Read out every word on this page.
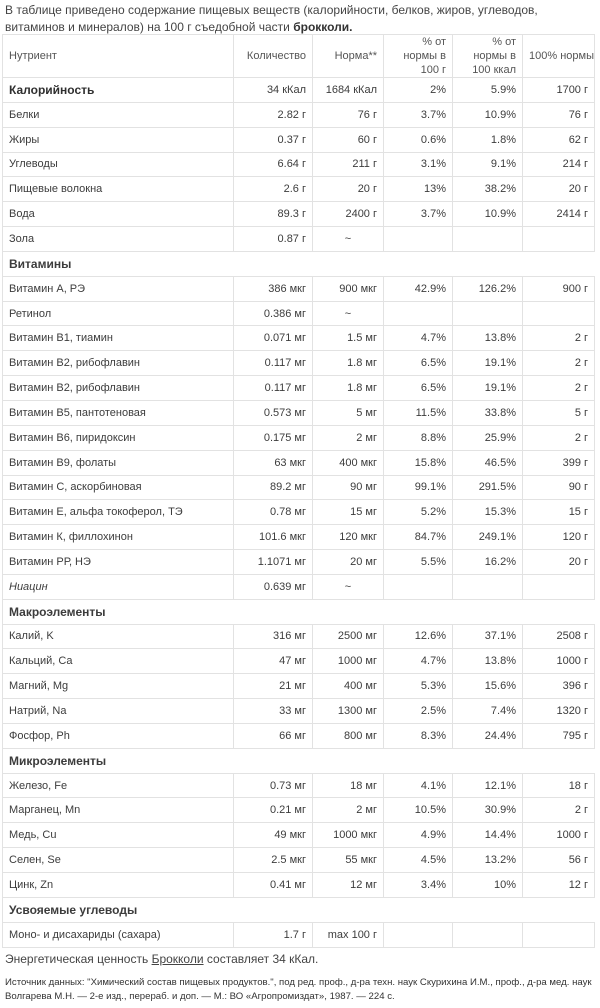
В таблице приведено содержание пищевых веществ (калорийности, белков, жиров, углеводов, витаминов и минералов) на 100 г съедобной части брокколи.
Нутриент	Количество	Норма**	% от нормы в 100 г	% от нормы в 100 ккал	100% нормы
Калорийность	34 кКал	1684 кКал	2%	5.9%	1700 г
Белки	2.82 г	76 г	3.7%	10.9%	76 г
Жиры	0.37 г	60 г	0.6%	1.8%	62 г
Углеводы	6.64 г	211 г	3.1%	9.1%	214 г
Пищевые волокна	2.6 г	20 г	13%	38.2%	20 г
Вода	89.3 г	2400 г	3.7%	10.9%	2414 г
Зола	0.87 г	~			
Витамины					
Витамин А, РЭ	386 мкг	900 мкг	42.9%	126.2%	900 г
Ретинол	0.386 мг	~			
Витамин В1, тиамин	0.071 мг	1.5 мг	4.7%	13.8%	2 г
Витамин В2, рибофлавин	0.117 мг	1.8 мг	6.5%	19.1%	2 г
Витамин В2, рибофлавин	0.117 мг	1.8 мг	6.5%	19.1%	2 г
Витамин В5, пантотеновая	0.573 мг	5 мг	11.5%	33.8%	5 г
Витамин В6, пиридоксин	0.175 мг	2 мг	8.8%	25.9%	2 г
Витамин В9, фолаты	63 мкг	400 мкг	15.8%	46.5%	399 г
Витамин C, аскорбиновая	89.2 мг	90 мг	99.1%	291.5%	90 г
Витамин Е, альфа токоферол, ТЭ	0.78 мг	15 мг	5.2%	15.3%	15 г
Витамин К, филлохинон	101.6 мкг	120 мкг	84.7%	249.1%	120 г
Витамин РР, НЭ	1.1071 мг	20 мг	5.5%	16.2%	20 г
Ниацин	0.639 мг	~			
Макроэлементы					
Калий, K	316 мг	2500 мг	12.6%	37.1%	2508 г
Кальций, Ca	47 мг	1000 мг	4.7%	13.8%	1000 г
Магний, Mg	21 мг	400 мг	5.3%	15.6%	396 г
Натрий, Na	33 мг	1300 мг	2.5%	7.4%	1320 г
Фосфор, Ph	66 мг	800 мг	8.3%	24.4%	795 г
Микроэлементы					
Железо, Fe	0.73 мг	18 мг	4.1%	12.1%	18 г
Марганец, Mn	0.21 мг	2 мг	10.5%	30.9%	2 г
Медь, Cu	49 мкг	1000 мкг	4.9%	14.4%	1000 г
Селен, Se	2.5 мкг	55 мкг	4.5%	13.2%	56 г
Цинк, Zn	0.41 мг	12 мг	3.4%	10%	12 г
Усвояемые углеводы					
Моно- и дисахариды (сахара)	1.7 г	max 100 г			
Энергетическая ценность Брокколи составляет 34 кКал.
Источник данных: "Химический состав пищевых продуктов.", под ред. проф., д-ра техн. наук Скурихина И.М., проф., д-ра мед. наук Волгарева М.Н. — 2-е изд., перераб. и доп. — М.: ВО «Агропромиздат», 1987. — 224 с.
